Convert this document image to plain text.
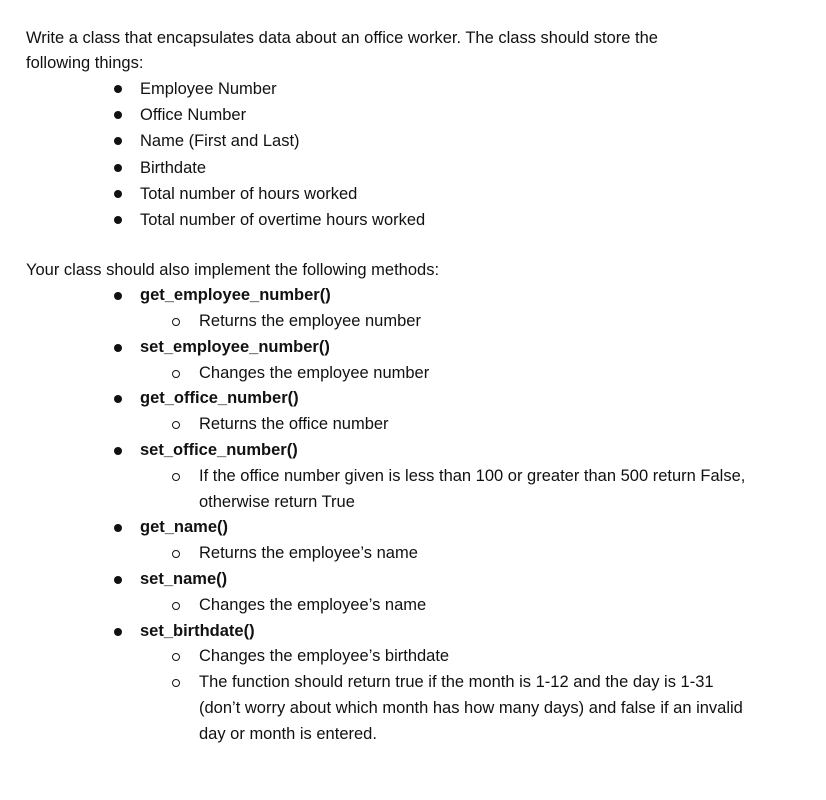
Write a class that encapsulates data about an office worker. The class should store the following things:

Employee Number
Office Number
Name (First and Last)
Birthdate
Total number of hours worked
Total number of overtime hours worked

Your class should also implement the following methods:

get_employee_number()
Returns the employee number
set_employee_number()
Changes the employee number
get_office_number()
Returns the office number
set_office_number()
If the office number given is less than 100 or greater than 500 return False, otherwise return True
get_name()
Returns the employee’s name
set_name()
Changes the employee’s name
set_birthdate()
Changes the employee’s birthdate
The function should return true if the month is 1-12 and the day is 1-31 (don’t worry about which month has how many days) and false if an invalid day or month is entered.
